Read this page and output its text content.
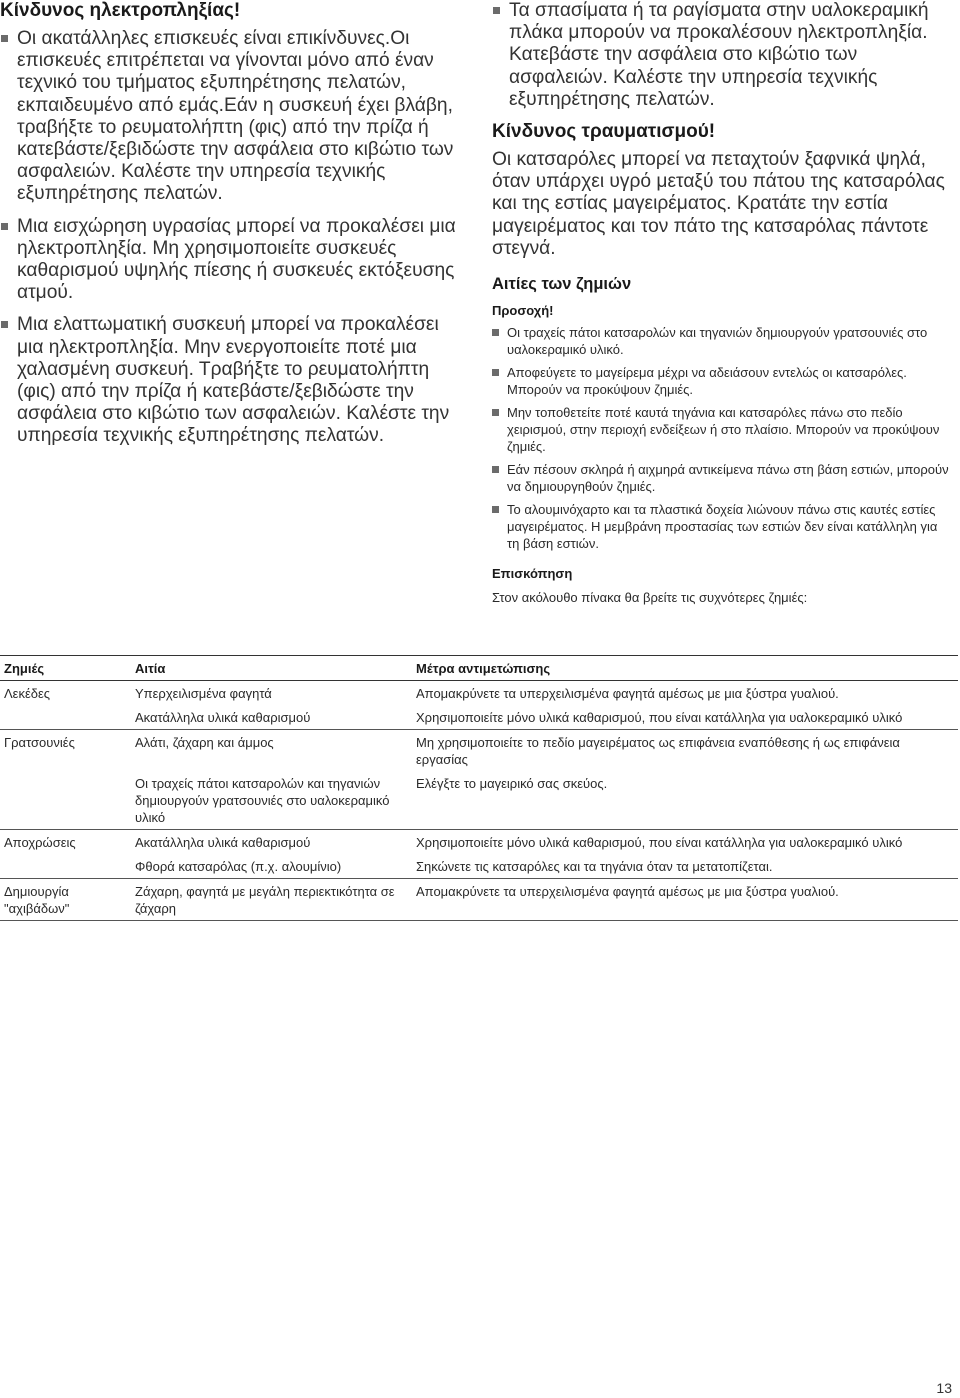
Κίνδυνος ηλεκτροπληξίας!
Οι ακατάλληλες επισκευές είναι επικίνδυνες.Οι επισκευές επιτρέπεται να γίνονται μόνο από έναν τεχνικό του τμήματος εξυπηρέτησης πελατών, εκπαιδευμένο από εμάς.Εάν η συσκευή έχει βλάβη, τραβήξτε το ρευματολήπτη (φις) από την πρίζα ή κατεβάστε/ξεβιδώστε την ασφάλεια στο κιβώτιο των ασφαλειών. Καλέστε την υπηρεσία τεχνικής εξυπηρέτησης πελατών.
Μια εισχώρηση υγρασίας μπορεί να προκαλέσει μια ηλεκτροπληξία. Μη χρησιμοποιείτε συσκευές καθαρισμού υψηλής πίεσης ή συσκευές εκτόξευσης ατμού.
Μια ελαττωματική συσκευή μπορεί να προκαλέσει μια ηλεκτροπληξία. Μην ενεργοποιείτε ποτέ μια χαλασμένη συσκευή. Τραβήξτε το ρευματολήπτη (φις) από την πρίζα ή κατεβάστε/ξεβιδώστε την ασφάλεια στο κιβώτιο των ασφαλειών. Καλέστε την υπηρεσία τεχνικής εξυπηρέτησης πελατών.
Τα σπασίματα ή τα ραγίσματα στην υαλοκεραμική πλάκα μπορούν να προκαλέσουν ηλεκτροπληξία. Κατεβάστε την ασφάλεια στο κιβώτιο των ασφαλειών. Καλέστε την υπηρεσία τεχνικής εξυπηρέτησης πελατών.
Κίνδυνος τραυματισμού!
Οι κατσαρόλες μπορεί να πεταχτούν ξαφνικά ψηλά, όταν υπάρχει υγρό μεταξύ του πάτου της κατσαρόλας και της εστίας μαγειρέματος. Κρατάτε την εστία μαγειρέματος και τον πάτο της κατσαρόλας πάντοτε στεγνά.
Αιτίες των ζημιών
Προσοχή!
Οι τραχείς πάτοι κατσαρολών και τηγανιών δημιουργούν γρατσουνιές στο υαλοκεραμικό υλικό.
Αποφεύγετε το μαγείρεμα μέχρι να αδειάσουν εντελώς οι κατσαρόλες. Μπορούν να προκύψουν ζημιές.
Μην τοποθετείτε ποτέ καυτά τηγάνια και κατσαρόλες πάνω στο πεδίο χειρισμού, στην περιοχή ενδείξεων ή στο πλαίσιο. Μπορούν να προκύψουν ζημιές.
Εάν πέσουν σκληρά ή αιχμηρά αντικείμενα πάνω στη βάση εστιών, μπορούν να δημιουργηθούν ζημιές.
Το αλουμινόχαρτο και τα πλαστικά δοχεία λιώνουν πάνω στις καυτές εστίες μαγειρέματος. Η μεμβράνη προστασίας των εστιών δεν είναι κατάλληλη για τη βάση εστιών.
Επισκόπηση
Στον ακόλουθο πίνακα θα βρείτε τις συχνότερες ζημιές:
Ζημιές	Αιτία	Μέτρα αντιμετώπισης
Λεκέδες	Υπερχειλισμένα φαγητά	Απομακρύνετε τα υπερχειλισμένα φαγητά αμέσως με μια ξύστρα γυαλιού.
	Ακατάλληλα υλικά καθαρισμού	Χρησιμοποιείτε μόνο υλικά καθαρισμού, που είναι κατάλληλα για υαλοκεραμικό υλικό
Γρατσουνιές	Αλάτι, ζάχαρη και άμμος	Μη χρησιμοποιείτε το πεδίο μαγειρέματος ως επιφάνεια εναπόθεσης ή ως επιφάνεια εργασίας
	Οι τραχείς πάτοι κατσαρολών και τηγανιών δημιουργούν γρατσουνιές στο υαλοκεραμικό υλικό	Ελέγξτε το μαγειρικό σας σκεύος.
Αποχρώσεις	Ακατάλληλα υλικά καθαρισμού	Χρησιμοποιείτε μόνο υλικά καθαρισμού, που είναι κατάλληλα για υαλοκεραμικό υλικό
	Φθορά κατσαρόλας (π.χ. αλουμίνιο)	Σηκώνετε τις κατσαρόλες και τα τηγάνια όταν τα μετατοπίζεται.
Δημιουργία "αχιβάδων"	Ζάχαρη, φαγητά με μεγάλη περιεκτικότητα σε ζάχαρη	Απομακρύνετε τα υπερχειλισμένα φαγητά αμέσως με μια ξύστρα γυαλιού.
13
